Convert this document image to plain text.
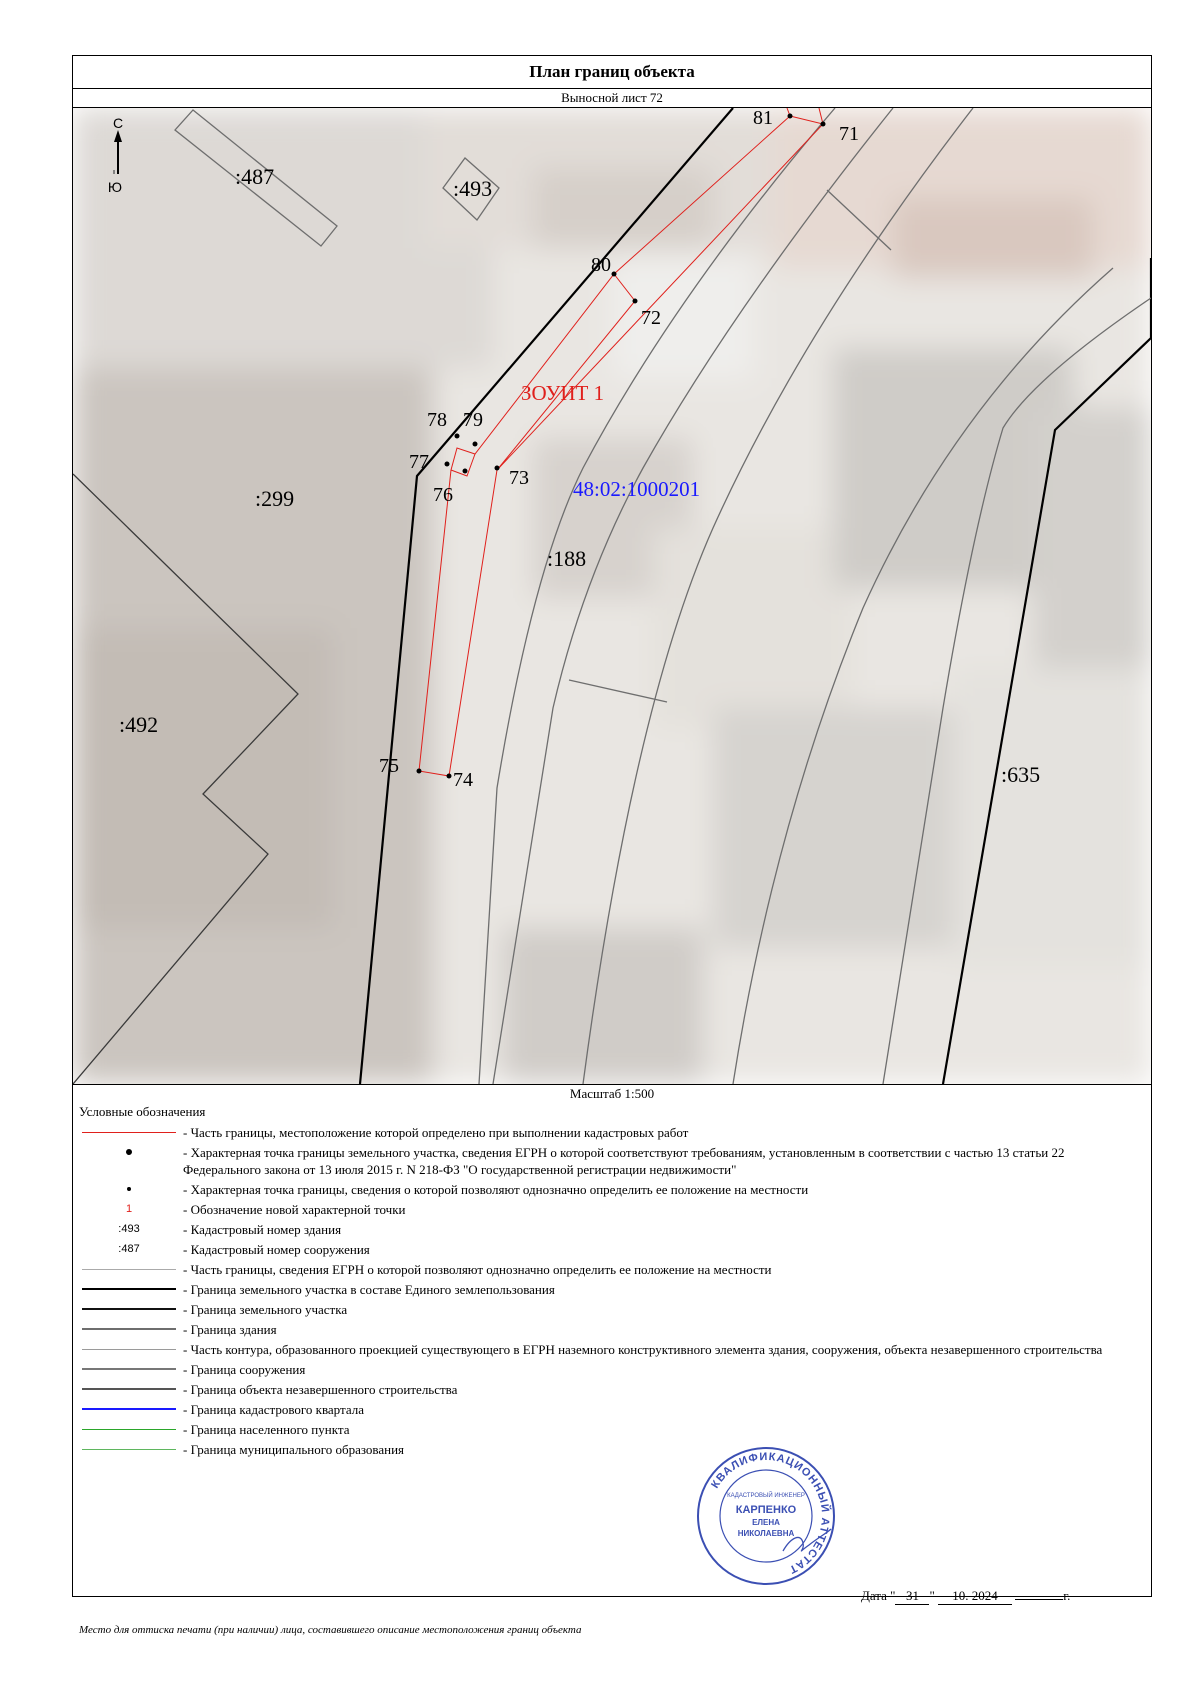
План границ объекта
Выносной лист 72
С
Ю
81
71
80
72
78 79
77
76
73
75
74
ЗОУИТ 1
48:02:1000201
:487	:493
:299
:188
:492
:635
Масштаб 1:500
Условные обозначения
- Часть границы, местоположение которой определено при выполнении кадастровых работ
- Характерная точка границы земельного участка, сведения ЕГРН о которой соответствуют требованиям, установленным в соответствии с частью 13 статьи 22 Федерального закона от 13 июля 2015 г. N 218-ФЗ "О государственной регистрации недвижимости"
- Характерная точка границы, сведения о которой позволяют однозначно определить ее положение на местности
1	- Обозначение новой характерной точки
:493	- Кадастровый номер здания
:487	- Кадастровый номер сооружения
- Часть границы, сведения ЕГРН о которой позволяют однозначно определить ее положение на местности
- Граница земельного участка в составе Единого землепользования
- Граница земельного участка
- Граница здания
- Часть контура, образованного проекцией существующего в ЕГРН наземного конструктивного элемента здания, сооружения, объекта незавершенного строительства
- Граница сооружения
- Граница объекта незавершенного строительства
- Граница кадастрового квартала
- Граница населенного пункта
- Граница муниципального образования
КВАЛИФИКАЦИОННЫЙ АТТЕСТАТ
КАДАСТРОВЫЙ ИНЖЕНЕР
КАРПЕНКО
ЕЛЕНА
НИКОЛАЕВНА
Дата " 31 " 10. 2024	г.
Место для оттиска печати (при наличии) лица, составившего описание местоположения границ объекта
